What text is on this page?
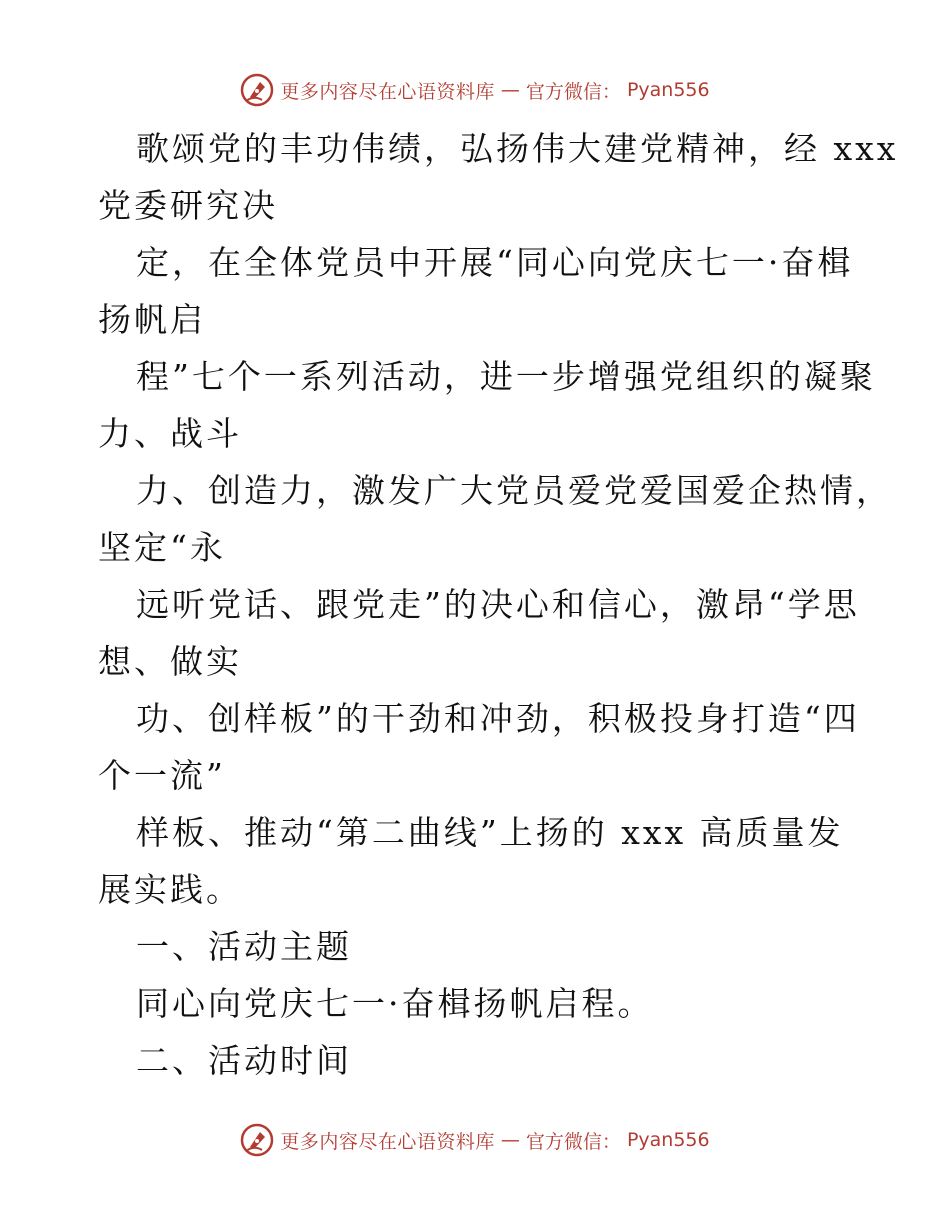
更多内容尽在心语资料库 — 官方微信： Pyan556
歌颂党的丰功伟绩，弘扬伟大建党精神，经 xxx
党委研究决
定，在全体党员中开展“同心向党庆七一·奋楫
扬帆启
程”七个一系列活动，进一步增强党组织的凝聚
力、战斗
力、创造力，激发广大党员爱党爱国爱企热情，
坚定“永
远听党话、跟党走”的决心和信心，激昂“学思
想、做实
功、创样板”的干劲和冲劲，积极投身打造“四
个一流”
样板、推动“第二曲线”上扬的 xxx 高质量发
展实践。
一、活动主题
同心向党庆七一·奋楫扬帆启程。
二、活动时间
更多内容尽在心语资料库 — 官方微信： Pyan556
